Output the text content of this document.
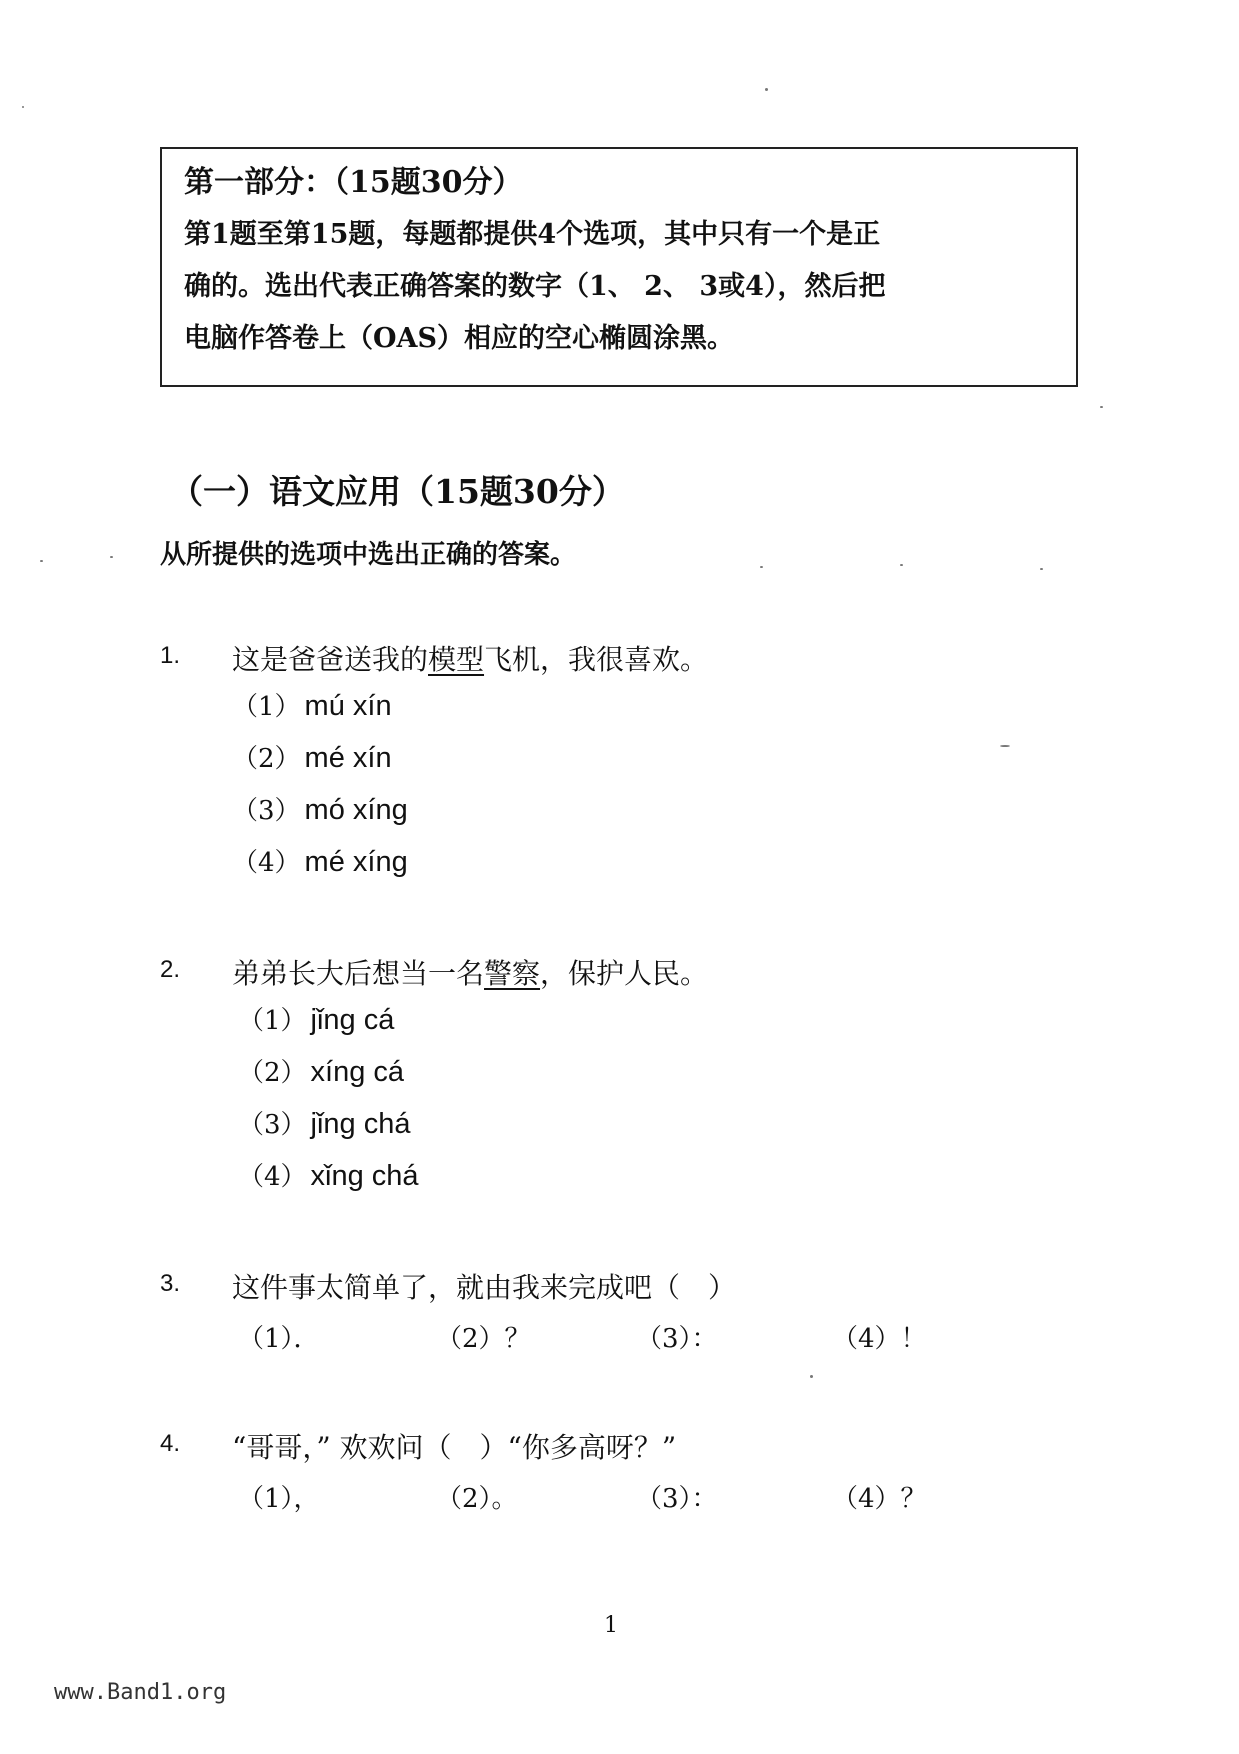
第一部分：（15题30分）
第1题至第15题，每题都提供4个选项，其中只有一个是正
确的。选出代表正确答案的数字（1、 2、 3或4），然后把
电脑作答卷上（OAS）相应的空心椭圆涂黑。
（一）语文应用（15题30分）
从所提供的选项中选出正确的答案。
1. 这是爸爸送我的模型飞机，我很喜欢。
（1） mú xín
（2） mé xín
（3） mó xíng
（4） mé xíng
2. 弟弟长大后想当一名警察，保护人民。
（1） jǐng cá
（2） xíng cá
（3） jǐng chá
（4） xǐng chá
3. 这件事太简单了，就由我来完成吧（　）
（1）．	（2）？	（3）：	（4）！
4. “哥哥，” 欢欢问（　）“你多高呀？”
（1），	（2）。	（3）：	（4）？
1
www.Band1.org
